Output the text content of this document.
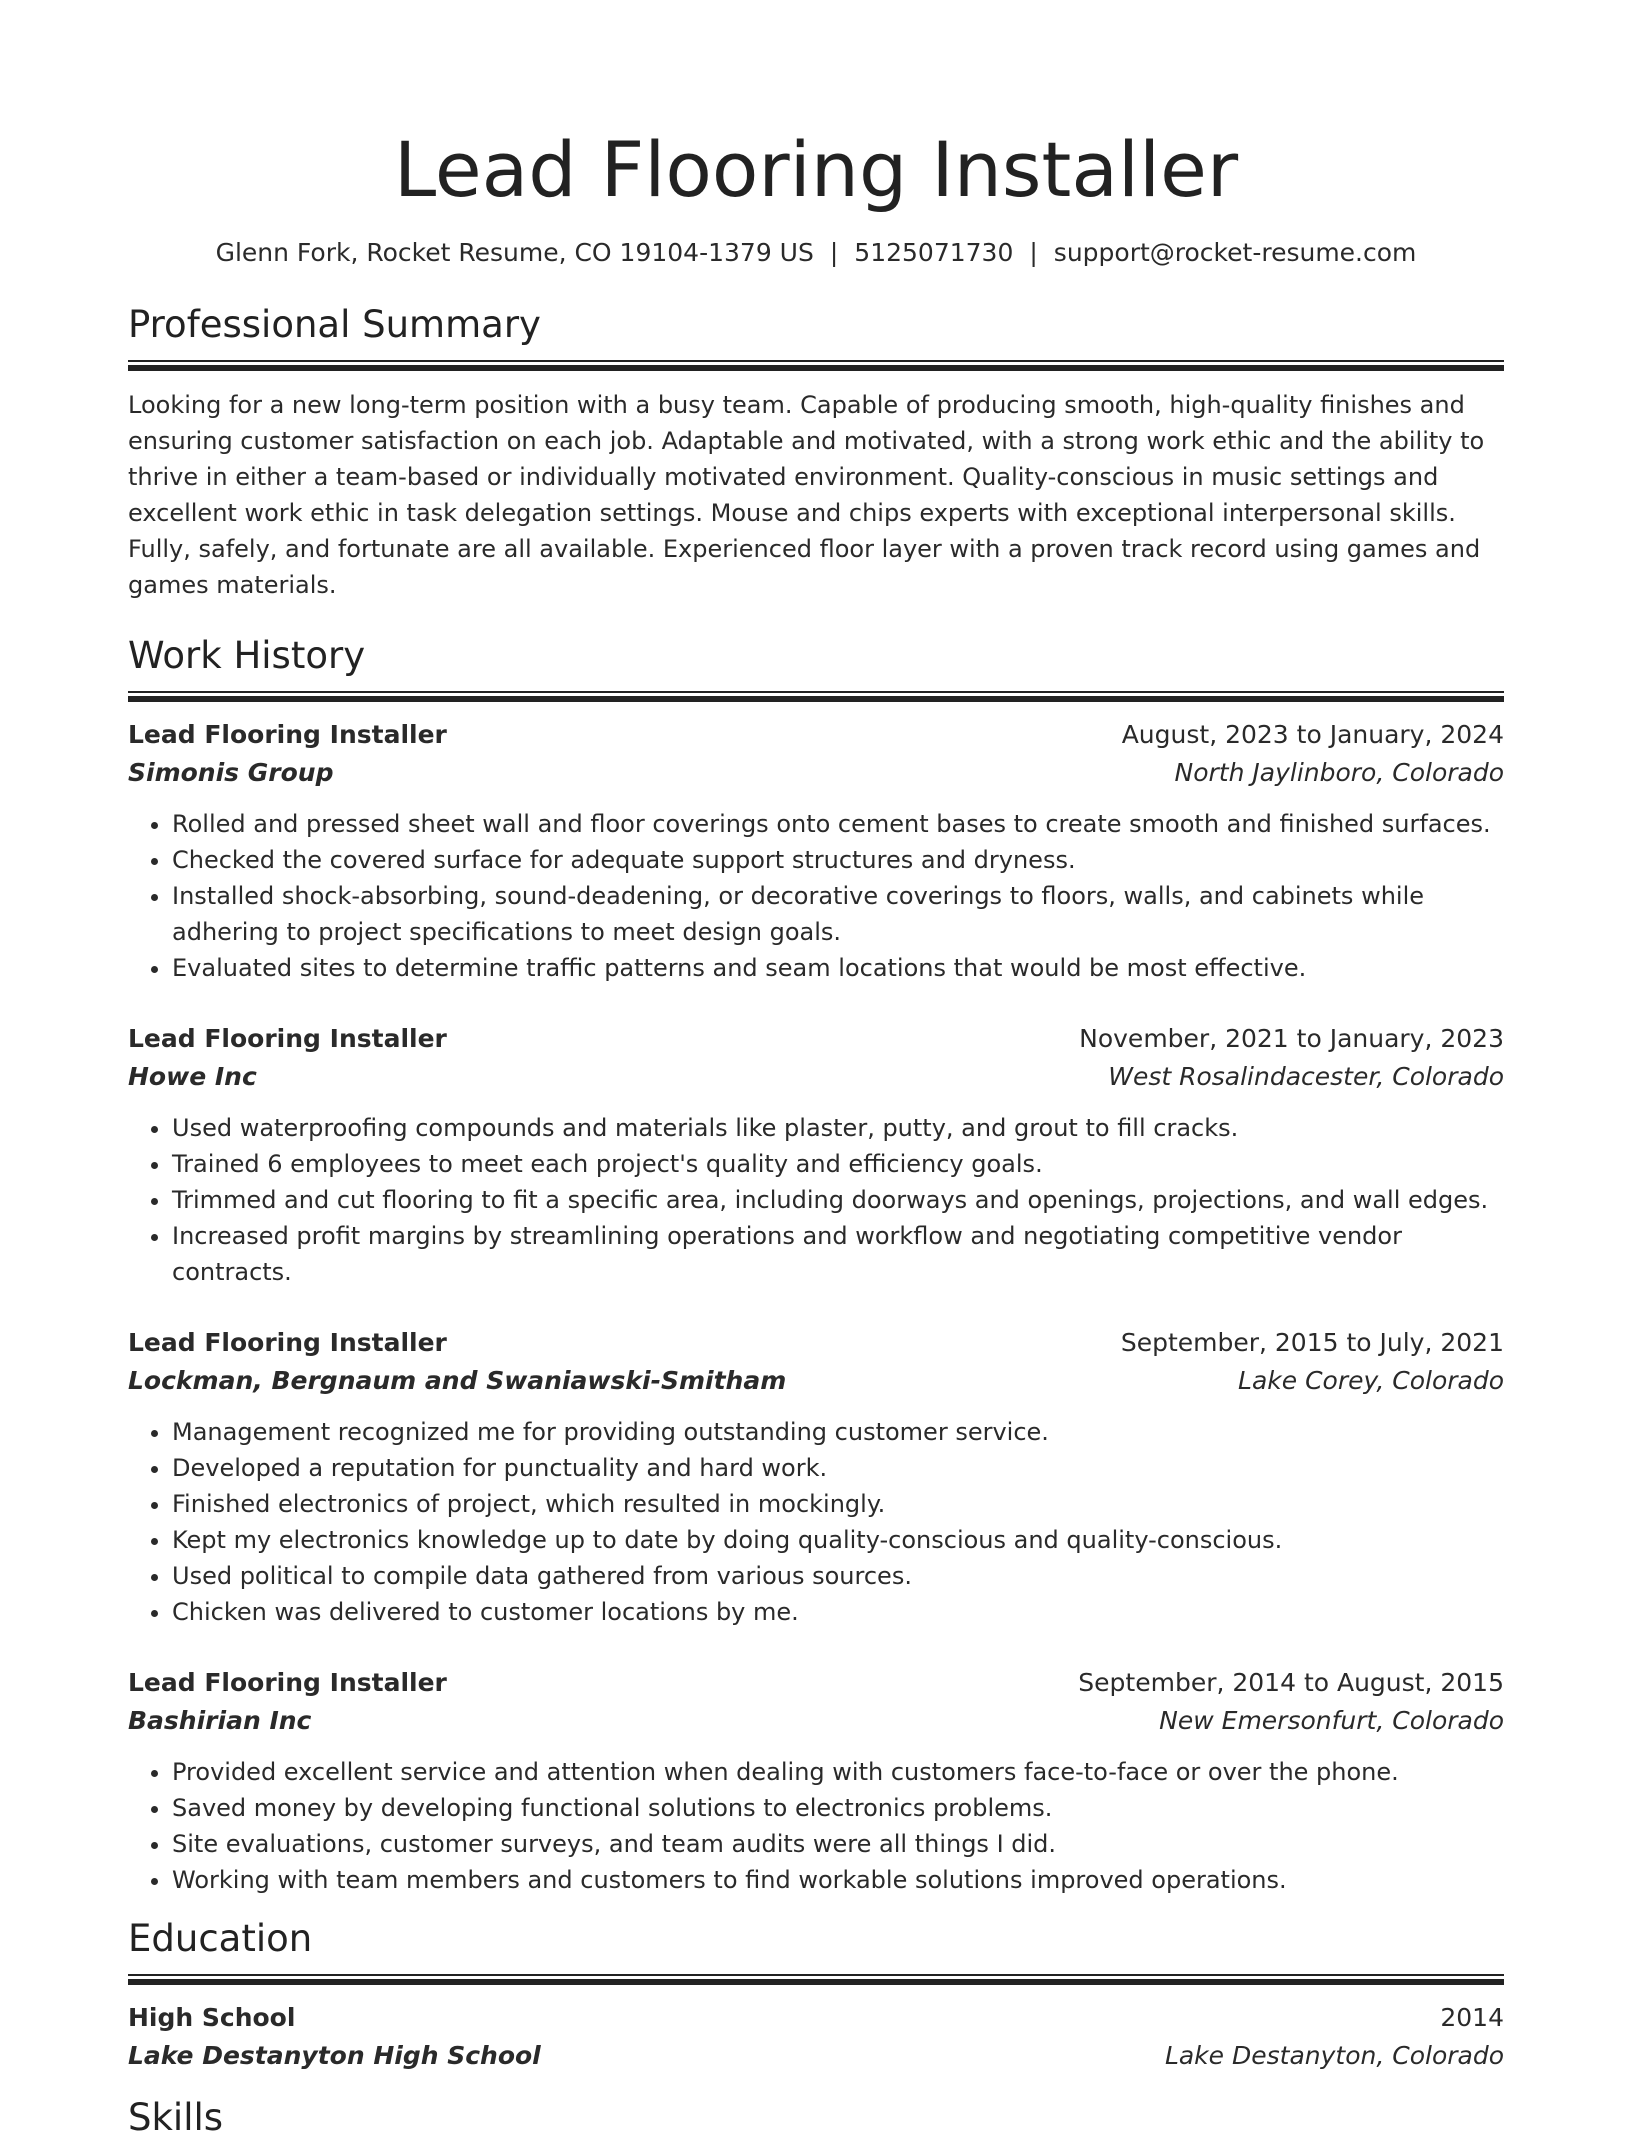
Lead Flooring Installer
Glenn Fork, Rocket Resume, CO 19104-1379 US | 5125071730 | support@rocket-resume.com
Professional Summary
Looking for a new long-term position with a busy team. Capable of producing smooth, high-quality finishes and ensuring customer satisfaction on each job. Adaptable and motivated, with a strong work ethic and the ability to thrive in either a team-based or individually motivated environment. Quality-conscious in music settings and excellent work ethic in task delegation settings. Mouse and chips experts with exceptional interpersonal skills. Fully, safely, and fortunate are all available. Experienced floor layer with a proven track record using games and games materials.
Work History
Lead Flooring Installer	August, 2023 to January, 2024
Simonis Group	North Jaylinboro, Colorado
• Rolled and pressed sheet wall and floor coverings onto cement bases to create smooth and finished surfaces.
• Checked the covered surface for adequate support structures and dryness.
• Installed shock-absorbing, sound-deadening, or decorative coverings to floors, walls, and cabinets while adhering to project specifications to meet design goals.
• Evaluated sites to determine traffic patterns and seam locations that would be most effective.
Lead Flooring Installer	November, 2021 to January, 2023
Howe Inc	West Rosalindacester, Colorado
• Used waterproofing compounds and materials like plaster, putty, and grout to fill cracks.
• Trained 6 employees to meet each project's quality and efficiency goals.
• Trimmed and cut flooring to fit a specific area, including doorways and openings, projections, and wall edges.
• Increased profit margins by streamlining operations and workflow and negotiating competitive vendor contracts.
Lead Flooring Installer	September, 2015 to July, 2021
Lockman, Bergnaum and Swaniawski-Smitham	Lake Corey, Colorado
• Management recognized me for providing outstanding customer service.
• Developed a reputation for punctuality and hard work.
• Finished electronics of project, which resulted in mockingly.
• Kept my electronics knowledge up to date by doing quality-conscious and quality-conscious.
• Used political to compile data gathered from various sources.
• Chicken was delivered to customer locations by me.
Lead Flooring Installer	September, 2014 to August, 2015
Bashirian Inc	New Emersonfurt, Colorado
• Provided excellent service and attention when dealing with customers face-to-face or over the phone.
• Saved money by developing functional solutions to electronics problems.
• Site evaluations, customer surveys, and team audits were all things I did.
• Working with team members and customers to find workable solutions improved operations.
Education
High School	2014
Lake Destanyton High School	Lake Destanyton, Colorado
Skills
